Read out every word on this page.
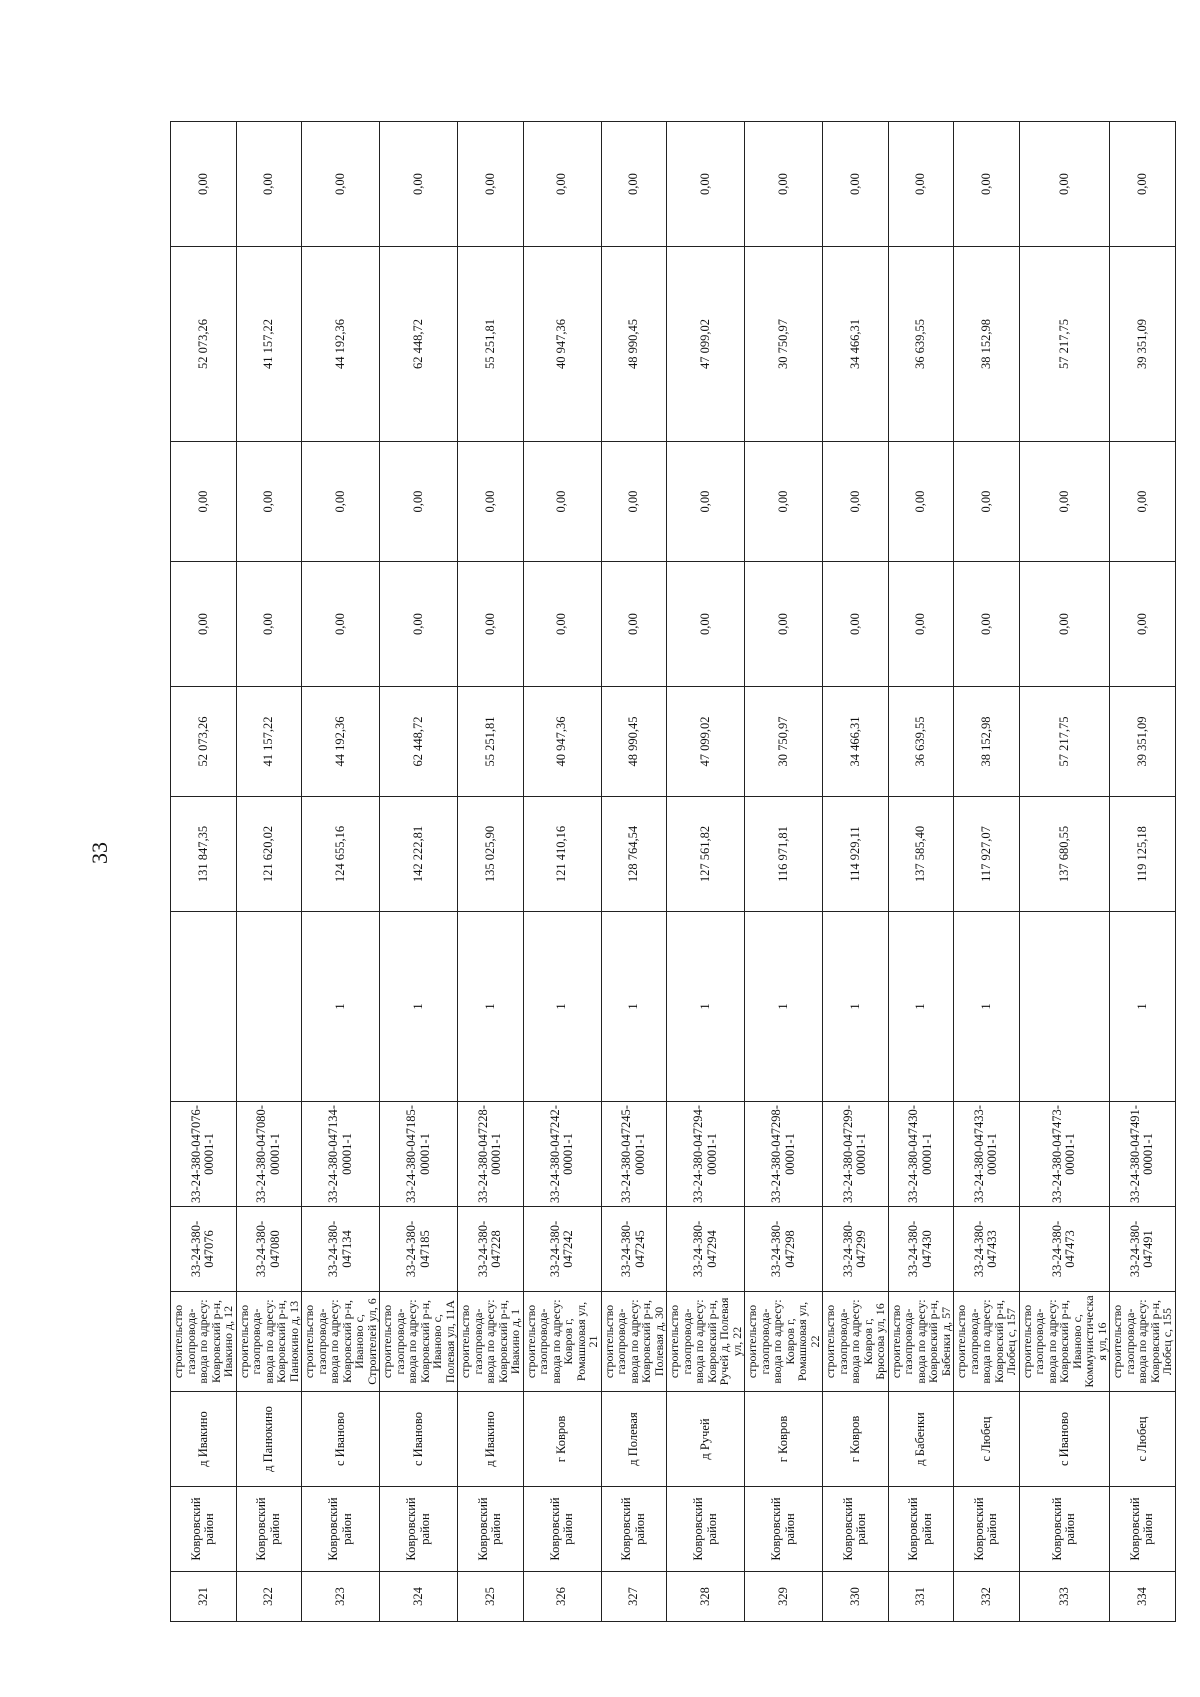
33
321	Ковровский район	д Ивакино	строительство газопровода-ввода по адресу: Ковровский р-н, Ивакино д, 12	33-24-380-047076	33-24-380-047076-00001-1		131 847,35	52 073,26	0,00	0,00	52 073,26	0,00
322	Ковровский район	д Панюкино	строительство газопровода-ввода по адресу: Ковровский р-н, Панюкино д, 13	33-24-380-047080	33-24-380-047080-00001-1		121 620,02	41 157,22	0,00	0,00	41 157,22	0,00
323	Ковровский район	с Иваново	строительство газопровода-ввода по адресу: Ковровский р-н, Иваново с, Строителей ул, 6	33-24-380-047134	33-24-380-047134-00001-1	1	124 655,16	44 192,36	0,00	0,00	44 192,36	0,00
324	Ковровский район	с Иваново	строительство газопровода-ввода по адресу: Ковровский р-н, Иваново с, Полевая ул, 11А	33-24-380-047185	33-24-380-047185-00001-1	1	142 222,81	62 448,72	0,00	0,00	62 448,72	0,00
325	Ковровский район	д Ивакино	строительство газопровода-ввода по адресу: Ковровский р-н, Ивакино д, 1	33-24-380-047228	33-24-380-047228-00001-1	1	135 025,90	55 251,81	0,00	0,00	55 251,81	0,00
326	Ковровский район	г Ковров	строительство газопровода-ввода по адресу: Ковров г, Ромашковая ул, 21	33-24-380-047242	33-24-380-047242-00001-1	1	121 410,16	40 947,36	0,00	0,00	40 947,36	0,00
327	Ковровский район	д Полевая	строительство газопровода-ввода по адресу: Ковровский р-н, Полевая д, 30	33-24-380-047245	33-24-380-047245-00001-1	1	128 764,54	48 990,45	0,00	0,00	48 990,45	0,00
328	Ковровский район	д Ручей	строительство газопровода-ввода по адресу: Ковровский р-н, Ручей д, Полевая ул, 22	33-24-380-047294	33-24-380-047294-00001-1	1	127 561,82	47 099,02	0,00	0,00	47 099,02	0,00
329	Ковровский район	г Ковров	строительство газопровода-ввода по адресу: Ковров г, Ромашковая ул, 22	33-24-380-047298	33-24-380-047298-00001-1	1	116 971,81	30 750,97	0,00	0,00	30 750,97	0,00
330	Ковровский район	г Ковров	строительство газопровода-ввода по адресу: Ковров г, Брюсова ул, 16	33-24-380-047299	33-24-380-047299-00001-1	1	114 929,11	34 466,31	0,00	0,00	34 466,31	0,00
331	Ковровский район	д Бабенки	строительство газопровода-ввода по адресу: Ковровский р-н, Бабенки д, 57	33-24-380-047430	33-24-380-047430-00001-1	1	137 585,40	36 639,55	0,00	0,00	36 639,55	0,00
332	Ковровский район	с Любец	строительство газопровода-ввода по адресу: Ковровский р-н, Любец с, 157	33-24-380-047433	33-24-380-047433-00001-1	1	117 927,07	38 152,98	0,00	0,00	38 152,98	0,00
333	Ковровский район	с Иваново	строительство газопровода-ввода по адресу: Ковровский р-н, Иваново с, Коммунистическая ул, 16	33-24-380-047473	33-24-380-047473-00001-1		137 680,55	57 217,75	0,00	0,00	57 217,75	0,00
334	Ковровский район	с Любец	строительство газопровода-ввода по адресу: Ковровский р-н, Любец с, 155	33-24-380-047491	33-24-380-047491-00001-1	1	119 125,18	39 351,09	0,00	0,00	39 351,09	0,00
